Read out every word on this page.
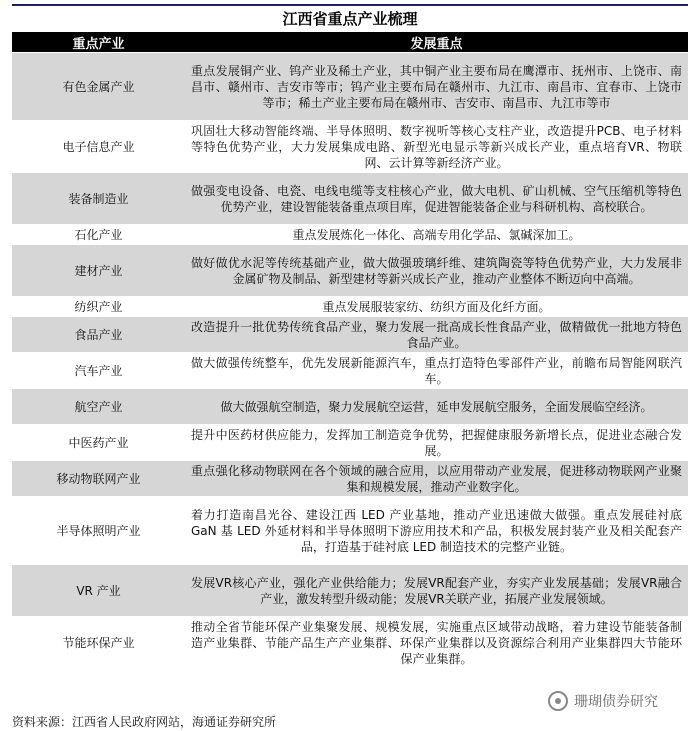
江西省重点产业梳理
重点产业	发展重点
有色金属产业	重点发展铜产业、钨产业及稀土产业，其中铜产业主要布局在鹰潭市、抚州市、上饶市、南昌市、赣州市、吉安市等市；钨产业主要布局在赣州市、九江市、南昌市、宜春市、上饶市等市；稀土产业主要布局在赣州市、吉安市、南昌市、九江市等市
电子信息产业	巩固壮大移动智能终端、半导体照明、数字视听等核心支柱产业，改造提升PCB、电子材料等特色优势产业，大力发展集成电路、新型光电显示等新兴成长产业，重点培育VR、物联网、云计算等新经济产业。
装备制造业	做强变电设备、电瓷、电线电缆等支柱核心产业，做大电机、矿山机械、空气压缩机等特色优势产业，建设智能装备重点项目库，促进智能装备企业与科研机构、高校联合。
石化产业	重点发展炼化一体化、高端专用化学品、氯碱深加工。
建材产业	做好做优水泥等传统基础产业，做大做强玻璃纤维、建筑陶瓷等特色优势产业，大力发展非金属矿物及制品、新型建材等新兴成长产业，推动产业整体不断迈向中高端。
纺织产业	重点发展服装家纺、纺织方面及化纤方面。
食品产业	改造提升一批优势传统食品产业，聚力发展一批高成长性食品产业，做精做优一批地方特色食品产业。
汽车产业	做大做强传统整车，优先发展新能源汽车，重点打造特色零部件产业，前瞻布局智能网联汽车。
航空产业	做大做强航空制造，聚力发展航空运营，延申发展航空服务，全面发展临空经济。
中医药产业	提升中医药材供应能力，发挥加工制造竞争优势，把握健康服务新增长点，促进业态融合发展。
移动物联网产业	重点强化移动物联网在各个领域的融合应用，以应用带动产业发展，促进移动物联网产业聚集和规模发展，推动产业数字化。
半导体照明产业	着力打造南昌光谷、建设江西 LED 产业基地，推动产业迅速做大做强。重点发展硅衬底 GaN 基 LED 外延材料和半导体照明下游应用技术和产品，积极发展封装产业及相关配套产品，打造基于硅衬底 LED 制造技术的完整产业链。
VR 产业	发展VR核心产业，强化产业供给能力；发展VR配套产业，夯实产业发展基础；发展VR融合产业，激发转型升级动能；发展VR关联产业，拓展产业发展领域。
节能环保产业	推动全省节能环保产业集聚发展、规模发展，实施重点区域带动战略，着力建设节能装备制造产业集群、节能产品生产产业集群、环保产业集群以及资源综合利用产业集群四大节能环保产业集群。
珊瑚债券研究
资料来源：江西省人民政府网站，海通证券研究所
